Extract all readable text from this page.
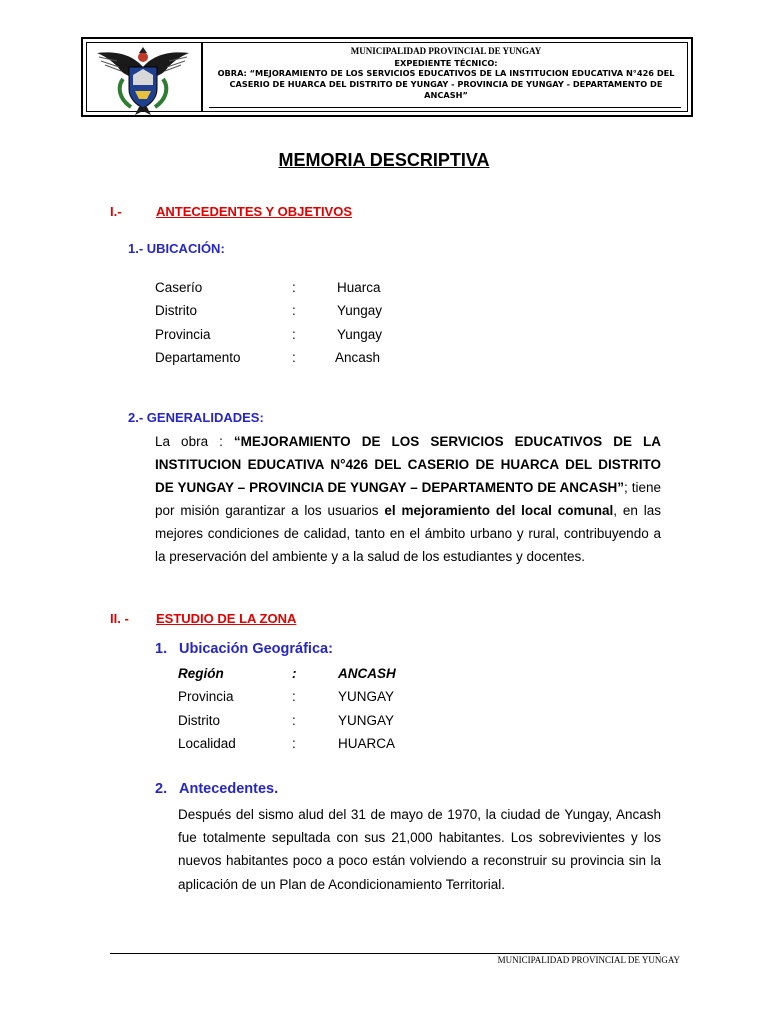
MUNICIPALIDAD PROVINCIAL DE YUNGAY
EXPEDIENTE TÉCNICO:
OBRA: “MEJORAMIENTO DE LOS SERVICIOS EDUCATIVOS DE LA INSTITUCION EDUCATIVA N°426 DEL CASERIO DE HUARCA DEL DISTRITO DE YUNGAY - PROVINCIA DE YUNGAY - DEPARTAMENTO DE ANCASH”
MEMORIA DESCRIPTIVA
I.-	ANTECEDENTES Y OBJETIVOS
1.- UBICACIÓN:
Caserío	:	Huarca
Distrito	:	Yungay
Provincia	:	Yungay
Departamento	:	Ancash
2.- GENERALIDADES:
La obra : “MEJORAMIENTO DE LOS SERVICIOS EDUCATIVOS DE LA INSTITUCION EDUCATIVA N°426 DEL CASERIO DE HUARCA DEL DISTRITO DE YUNGAY – PROVINCIA DE YUNGAY – DEPARTAMENTO DE ANCASH”; tiene por misión garantizar a los usuarios el mejoramiento del local comunal, en las mejores condiciones de calidad, tanto en el ámbito urbano y rural, contribuyendo a la preservación del ambiente y a la salud de los estudiantes y docentes.
II. - ESTUDIO DE LA ZONA
1. Ubicación Geográfica:
Región	:	ANCASH
Provincia	:	YUNGAY
Distrito	:	YUNGAY
Localidad	:	HUARCA
2. Antecedentes.
Después del sismo alud del 31 de mayo de 1970, la ciudad de Yungay, Ancash fue totalmente sepultada con sus 21,000 habitantes. Los sobrevivientes y los nuevos habitantes poco a poco están volviendo a reconstruir su provincia sin la aplicación de un Plan de Acondicionamiento Territorial.
MUNICIPALIDAD PROVINCIAL DE YUNGAY
